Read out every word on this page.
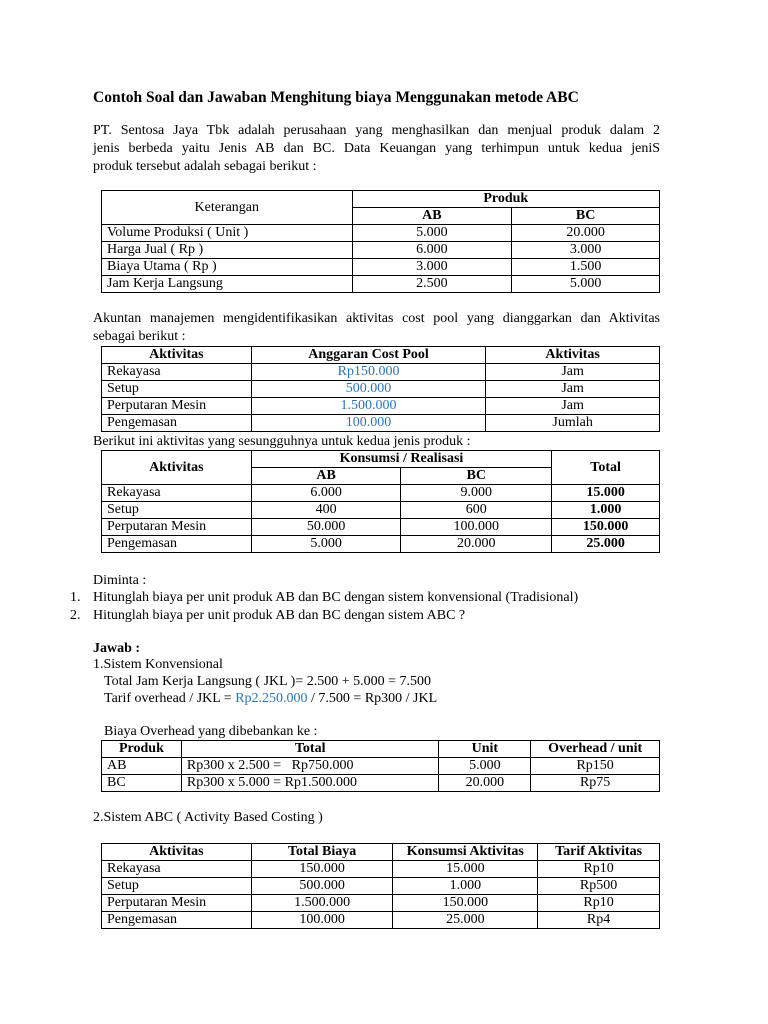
Contoh Soal dan Jawaban Menghitung biaya Menggunakan metode ABC
PT. Sentosa Jaya Tbk adalah perusahaan yang menghasilkan dan menjual produk dalam 2
jenis berbeda yaitu Jenis AB dan BC. Data Keuangan yang terhimpun untuk kedua jeniS
produk tersebut adalah sebagai berikut :
Keterangan	Produk	
	AB	BC
Volume Produksi ( Unit )	5.000	20.000
Harga Jual ( Rp )	6.000	3.000
Biaya Utama ( Rp )	3.000	1.500
Jam Kerja Langsung	2.500	5.000
Akuntan manajemen mengidentifikasikan aktivitas cost pool yang dianggarkan dan Aktivitas
sebagai berikut :
Aktivitas	Anggaran Cost Pool	Aktivitas
Rekayasa	Rp150.000	Jam
Setup	500.000	Jam
Perputaran Mesin	1.500.000	Jam
Pengemasan	100.000	Jumlah
Berikut ini aktivitas yang sesungguhnya untuk kedua jenis produk :
Aktivitas	Konsumsi / Realisasi		Total
	AB	BC	
Rekayasa	6.000	9.000	15.000
Setup	400	600	1.000
Perputaran Mesin	50.000	100.000	150.000
Pengemasan	5.000	20.000	25.000
Diminta :
1. Hitunglah biaya per unit produk AB dan BC dengan sistem konvensional (Tradisional)
2. Hitunglah biaya per unit produk AB dan BC dengan sistem ABC ?
Jawab :
1.Sistem Konvensional
Total Jam Kerja Langsung ( JKL )= 2.500 + 5.000 = 7.500
Tarif overhead / JKL = Rp2.250.000 / 7.500 = Rp300 / JKL
Biaya Overhead yang dibebankan ke :
Produk	Total	Unit	Overhead / unit
AB	Rp300 x 2.500 =   Rp750.000	5.000	Rp150
BC	Rp300 x 5.000 = Rp1.500.000	20.000	Rp75
2.Sistem ABC ( Activity Based Costing )
Aktivitas	Total Biaya	Konsumsi Aktivitas	Tarif Aktivitas
Rekayasa	150.000	15.000	Rp10
Setup	500.000	1.000	Rp500
Perputaran Mesin	1.500.000	150.000	Rp10
Pengemasan	100.000	25.000	Rp4
